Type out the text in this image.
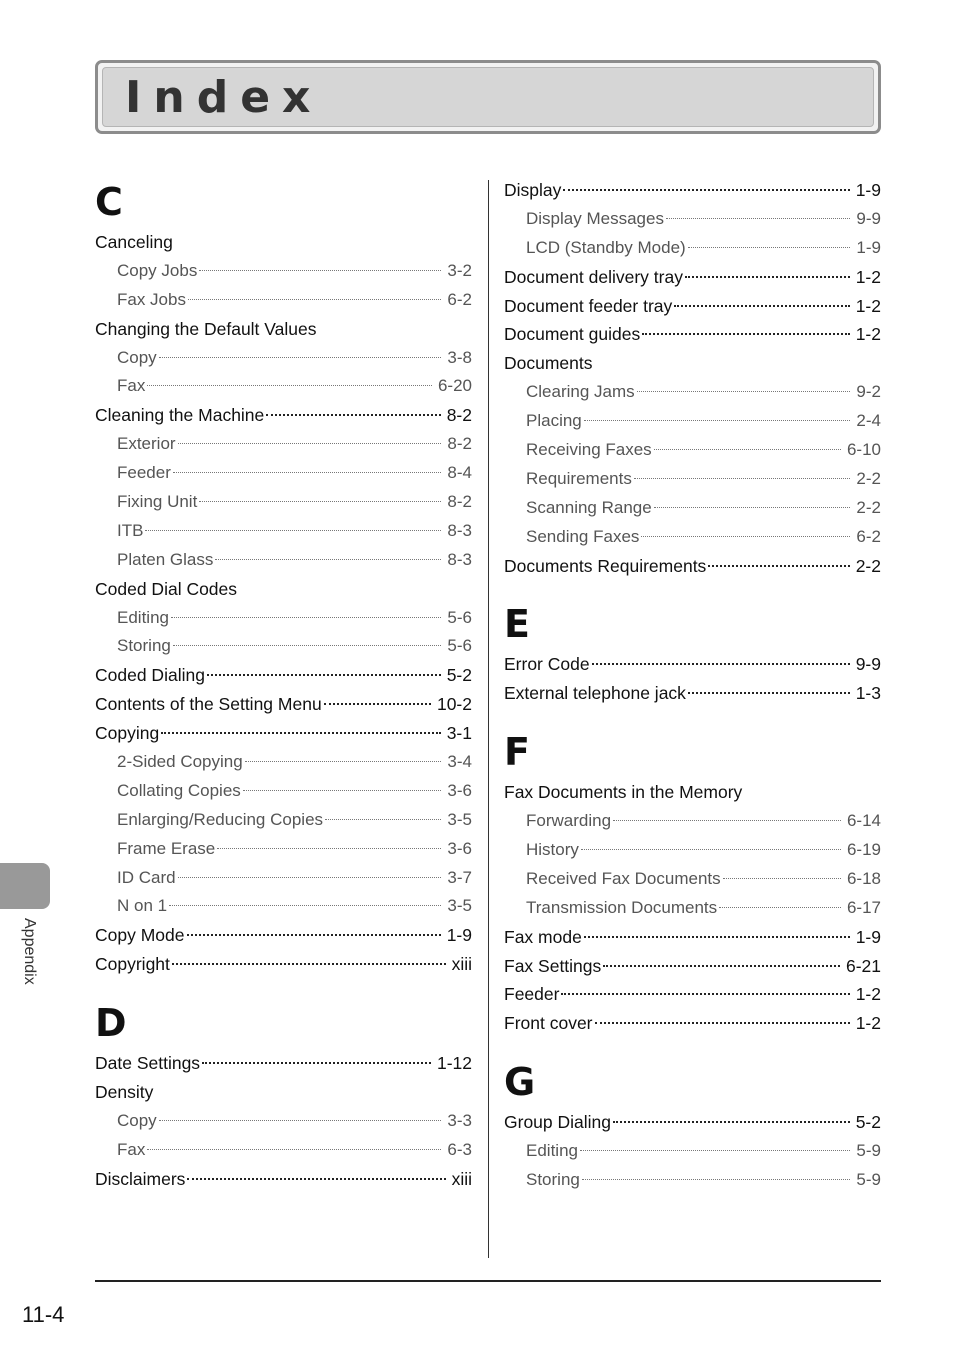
Index
C
Canceling
Copy Jobs	3-2
Fax Jobs	6-2
Changing the Default Values
Copy	3-8
Fax	6-20
Cleaning the Machine	8-2
Exterior	8-2
Feeder	8-4
Fixing Unit	8-2
ITB	8-3
Platen Glass	8-3
Coded Dial Codes
Editing	5-6
Storing	5-6
Coded Dialing	5-2
Contents of the Setting Menu	10-2
Copying	3-1
2-Sided Copying	3-4
Collating Copies	3-6
Enlarging/Reducing Copies	3-5
Frame Erase	3-6
ID Card	3-7
N on 1	3-5
Copy Mode	1-9
Copyright	xiii
D
Date Settings	1-12
Density
Copy	3-3
Fax	6-3
Disclaimers	xiii
Display	1-9
Display Messages	9-9
LCD (Standby Mode)	1-9
Document delivery tray	1-2
Document feeder tray	1-2
Document guides	1-2
Documents
Clearing Jams	9-2
Placing	2-4
Receiving Faxes	6-10
Requirements	2-2
Scanning Range	2-2
Sending Faxes	6-2
Documents Requirements	2-2
E
Error Code	9-9
External telephone jack	1-3
F
Fax Documents in the Memory
Forwarding	6-14
History	6-19
Received Fax Documents	6-18
Transmission Documents	6-17
Fax mode	1-9
Fax Settings	6-21
Feeder	1-2
Front cover	1-2
G
Group Dialing	5-2
Editing	5-9
Storing	5-9
Appendix
11-4
